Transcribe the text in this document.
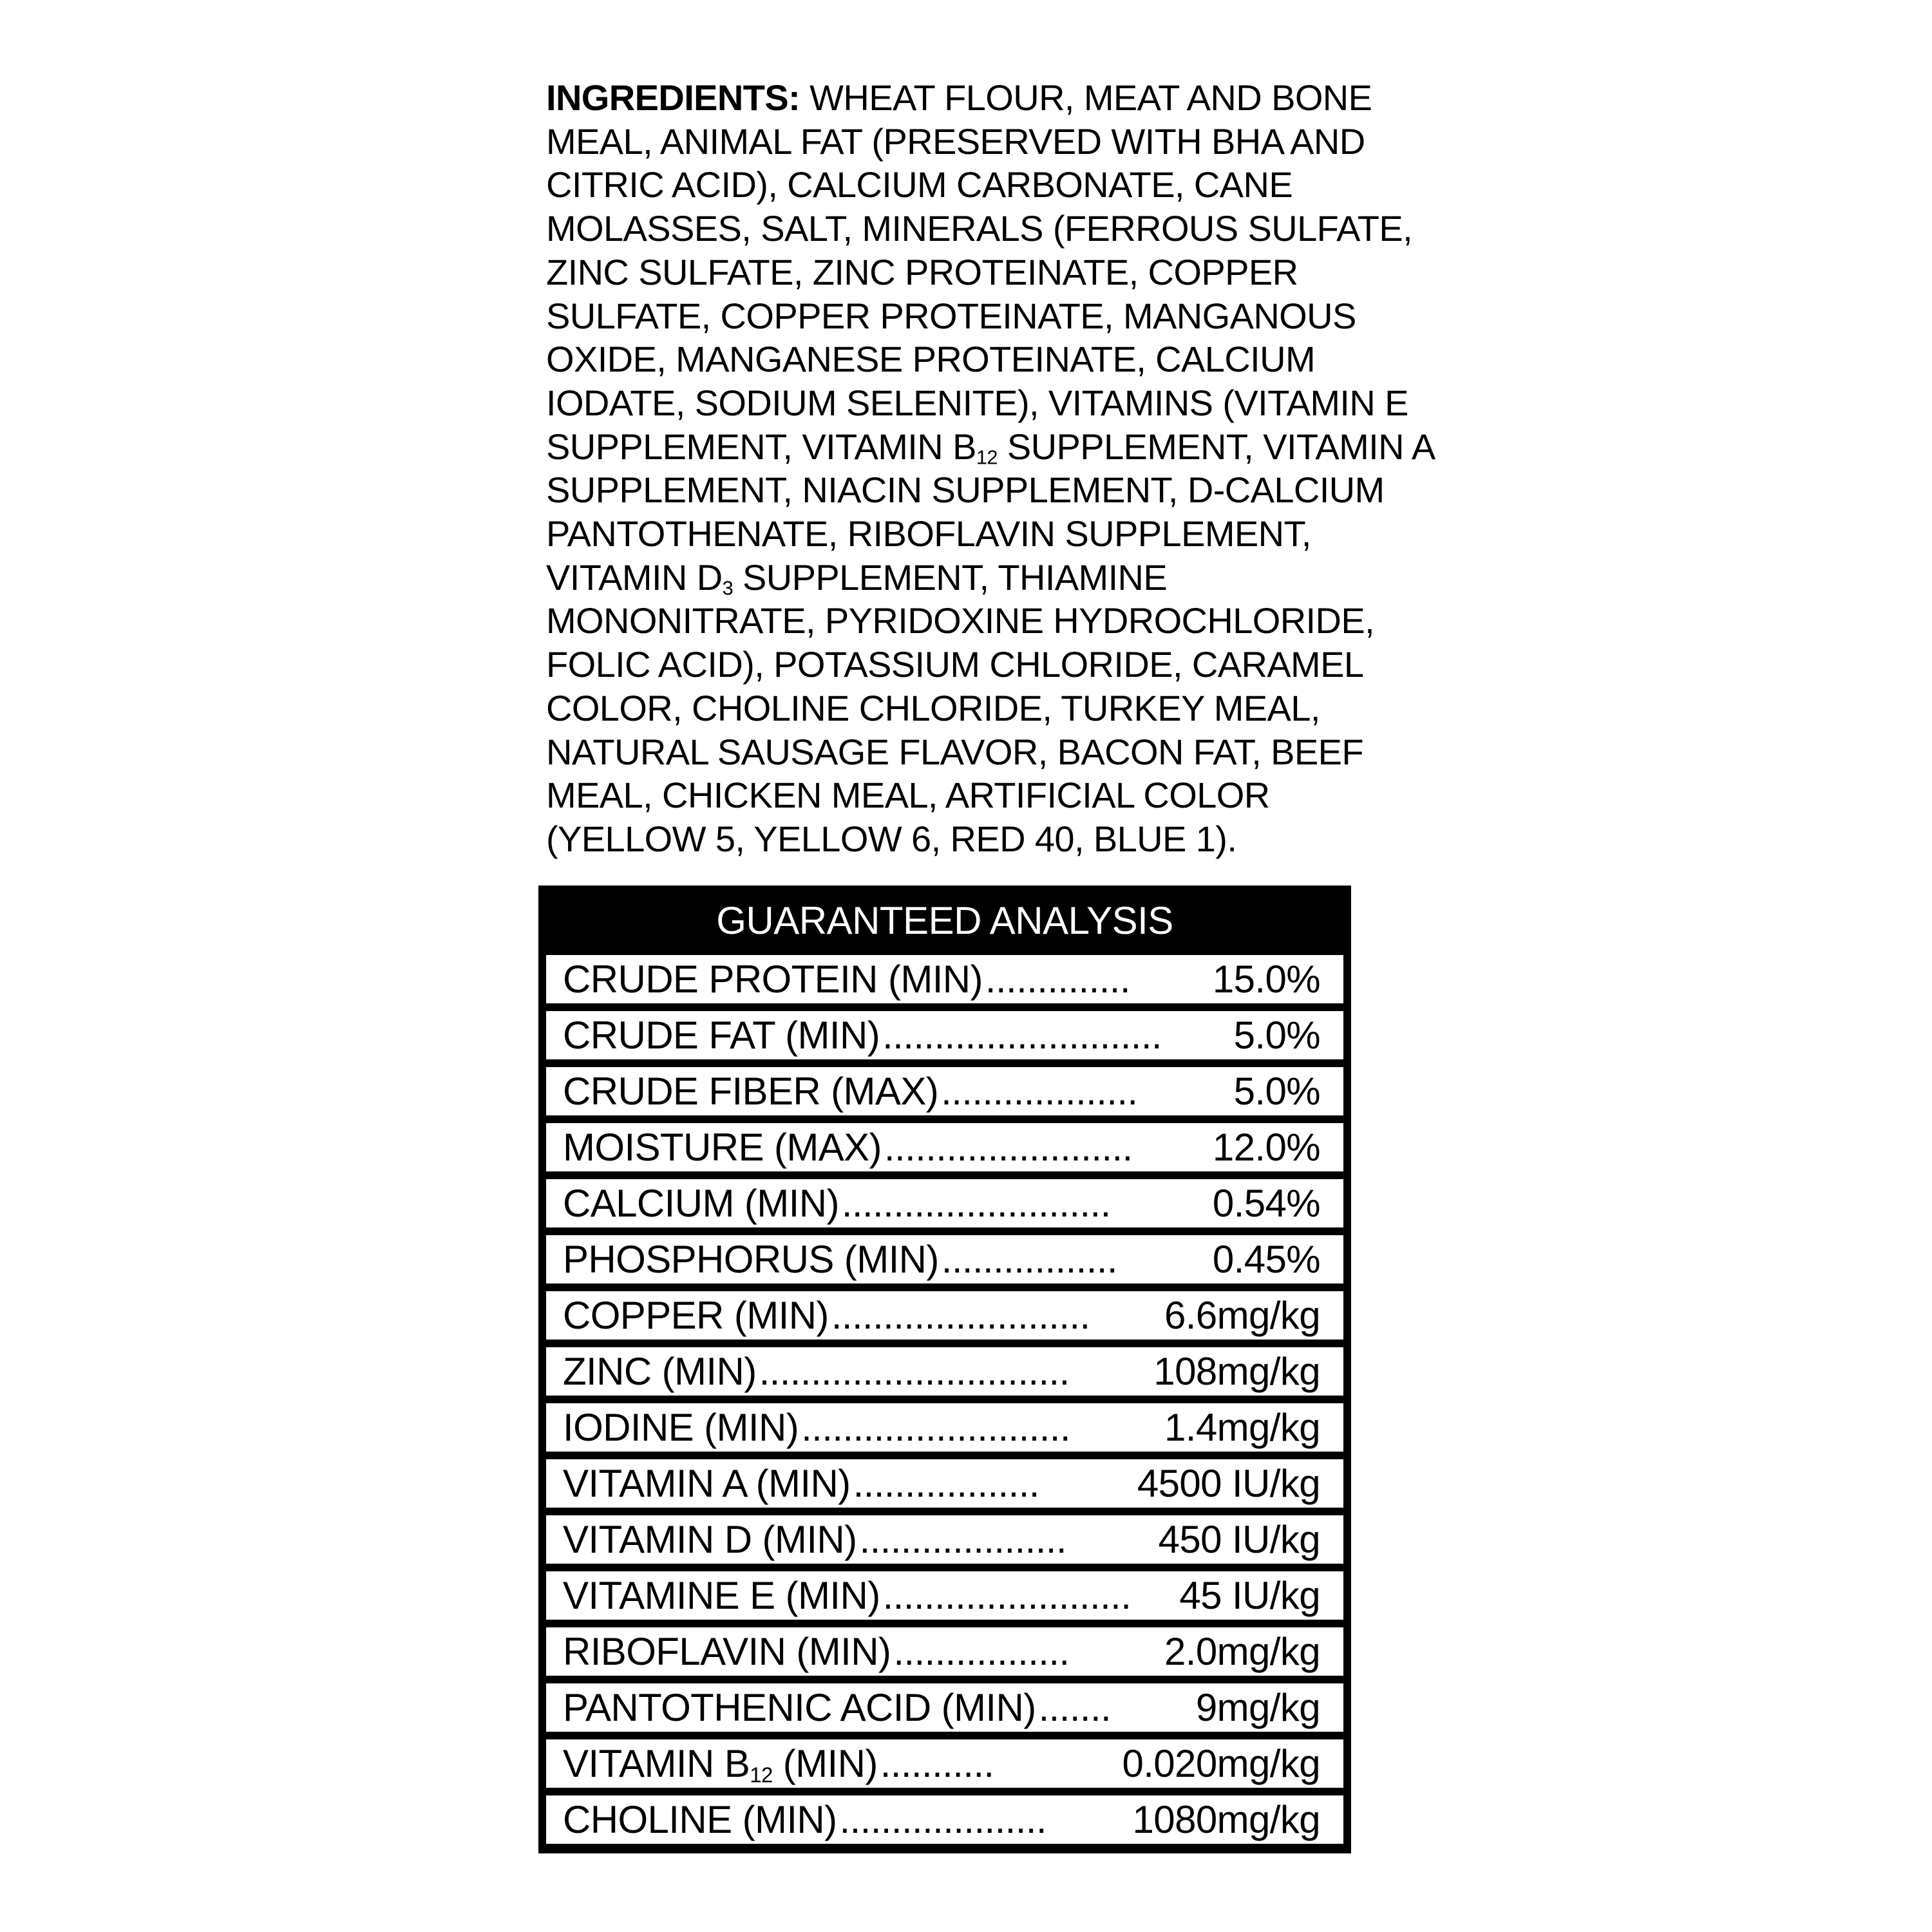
INGREDIENTS: WHEAT FLOUR, MEAT AND BONE
MEAL, ANIMAL FAT (PRESERVED WITH BHA AND
CITRIC ACID), CALCIUM CARBONATE, CANE
MOLASSES, SALT, MINERALS (FERROUS SULFATE,
ZINC SULFATE, ZINC PROTEINATE, COPPER
SULFATE, COPPER PROTEINATE, MANGANOUS
OXIDE, MANGANESE PROTEINATE, CALCIUM
IODATE, SODIUM SELENITE), VITAMINS (VITAMIN E
SUPPLEMENT, VITAMIN $B_{12}$ SUPPLEMENT, VITAMIN A
SUPPLEMENT, NIACIN SUPPLEMENT, D-CALCIUM
PANTOTHENATE, RIBOFLAVIN SUPPLEMENT,
VITAMIN $D_3$ SUPPLEMENT, THIAMINE
MONONITRATE, PYRIDOXINE HYDROCHLORIDE,
FOLIC ACID), POTASSIUM CHLORIDE, CARAMEL
COLOR, CHOLINE CHLORIDE, TURKEY MEAL,
NATURAL SAUSAGE FLAVOR, BACON FAT, BEEF
MEAL, CHICKEN MEAL, ARTIFICIAL COLOR
(YELLOW 5, YELLOW 6, RED 40, BLUE 1).
GUARANTEED ANALYSIS
CRUDE PROTEIN (MIN) ..............	15.0%
CRUDE FAT (MIN) ...........................	5.0%
CRUDE FIBER (MAX) ...................	5.0%
MOISTURE (MAX) ........................	12.0%
CALCIUM (MIN) ..........................	0.54%
PHOSPHORUS (MIN) .................	0.45%
COPPER (MIN) .........................	6.6mg/kg
ZINC (MIN) ..............................	108mg/kg
IODINE (MIN) ..........................	1.4mg/kg
VITAMIN A (MIN) ..................	4500 IU/kg
VITAMIN D (MIN) ....................	450 IU/kg
VITAMINE E (MIN) ........................	45 IU/kg
RIBOFLAVIN (MIN) .................	2.0mg/kg
PANTOTHENIC ACID (MIN) .......	9mg/kg
VITAMIN $B_{12}$ (MIN) ...........	0.020mg/kg
CHOLINE (MIN) ....................	1080mg/kg
